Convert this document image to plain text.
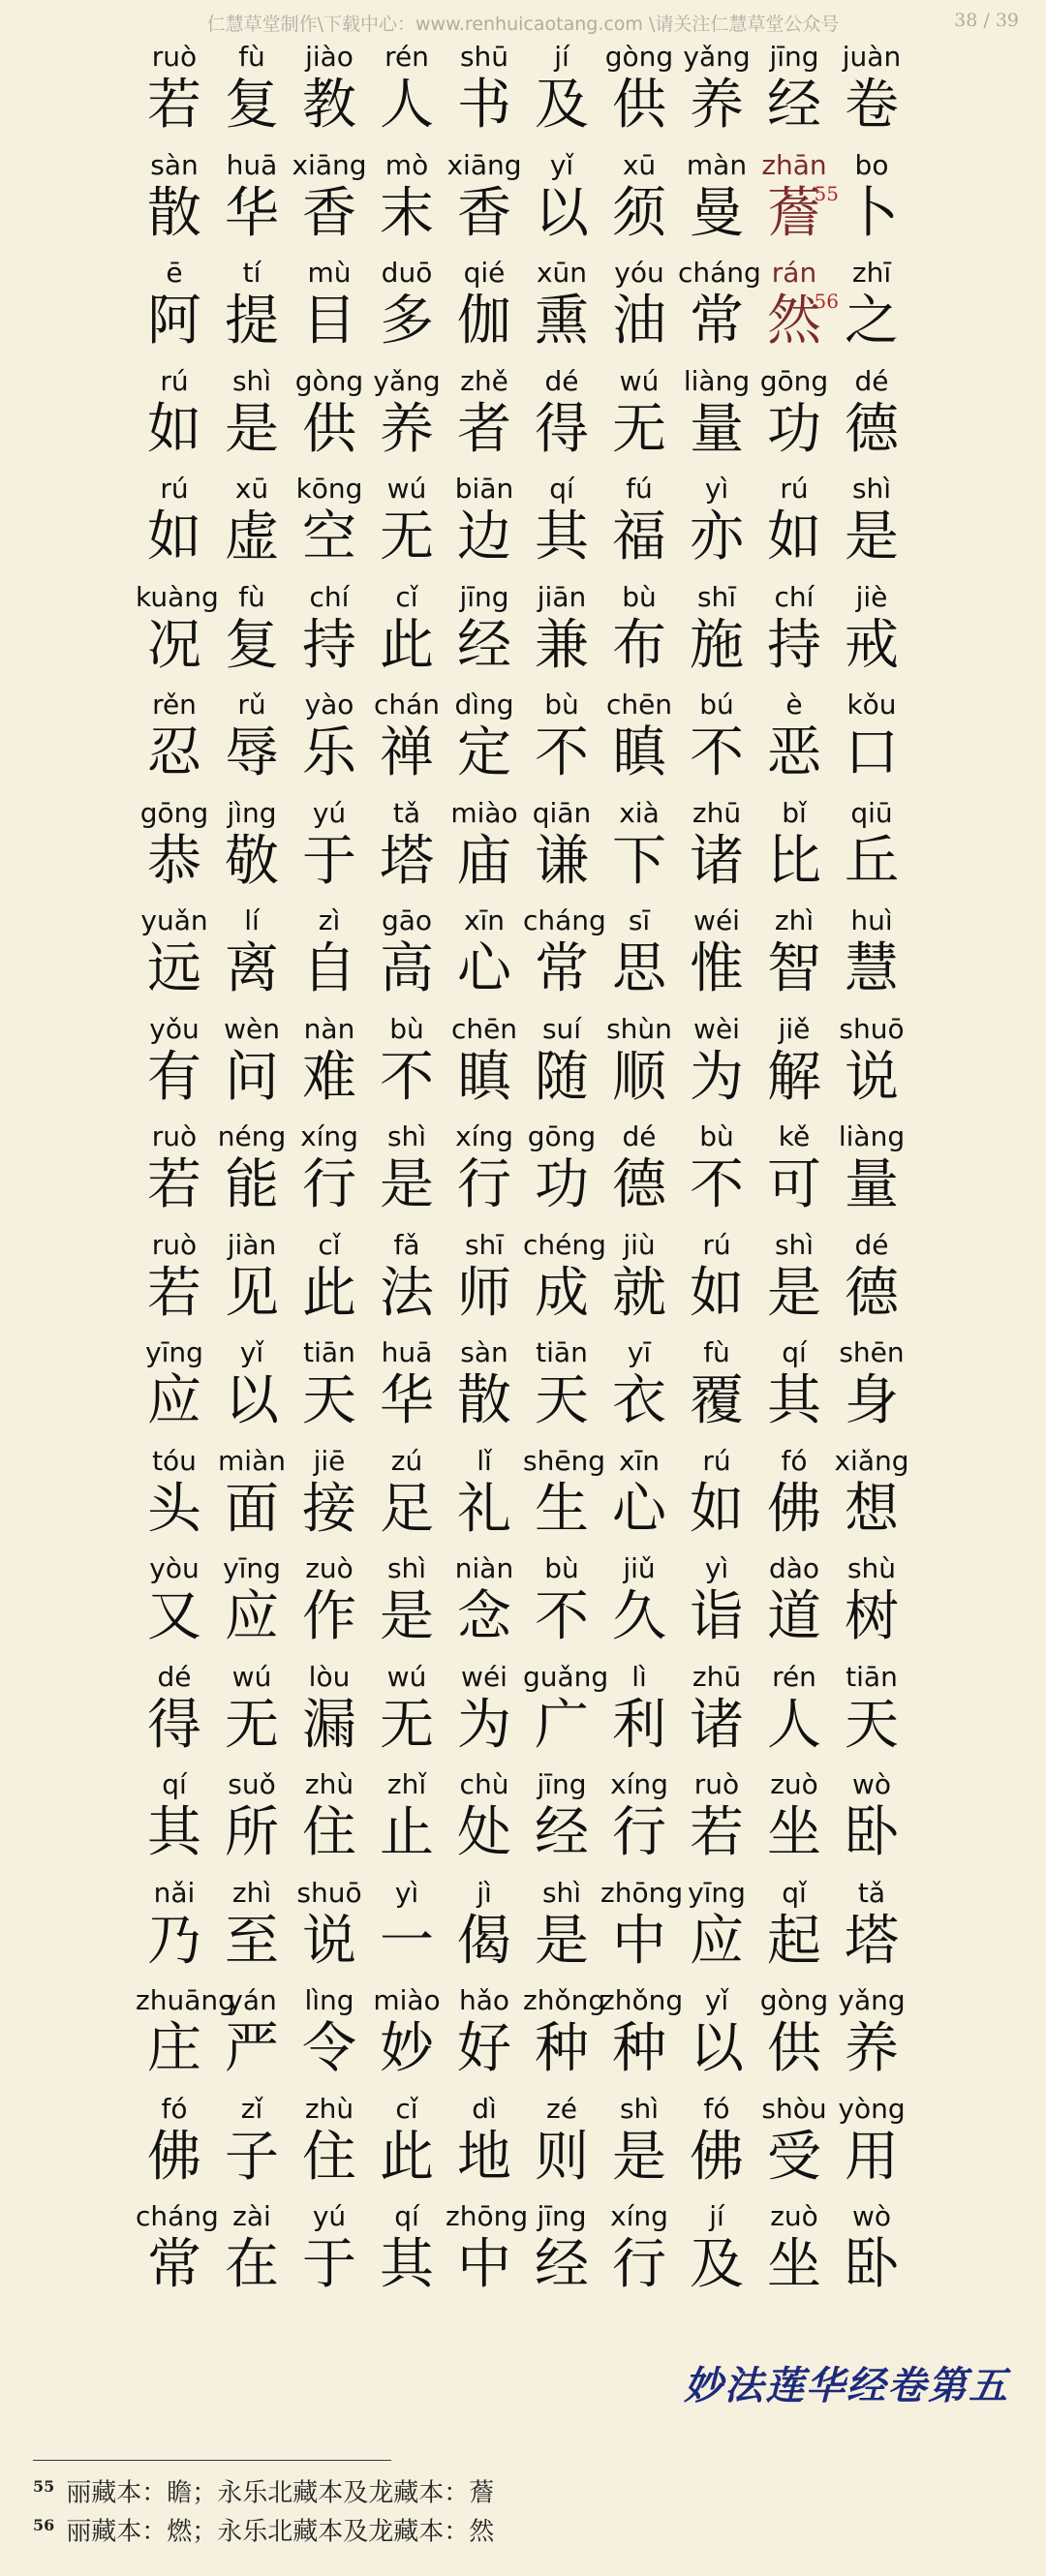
仁慧草堂制作\下载中心：www.renhuicaotang.com \请关注仁慧草堂公众号	38 / 39
ruò
若
fù
复
jiào
教
rén
人
shū
书
jí
及
gòng
供
yǎng
养
jīng
经
juàn
卷
sàn
散
huā
华
xiāng
香
mò
末
xiāng
香
yǐ
以
xū
须
màn
曼
zhān
薝
55
bo
卜
ē
阿
tí
提
mù
目
duō
多
qié
伽
xūn
熏
yóu
油
cháng
常
rán
然
56
zhī
之
rú
如
shì
是
gòng
供
yǎng
养
zhě
者
dé
得
wú
无
liàng
量
gōng
功
dé
德
rú
如
xū
虚
kōng
空
wú
无
biān
边
qí
其
fú
福
yì
亦
rú
如
shì
是
kuàng
况
fù
复
chí
持
cǐ
此
jīng
经
jiān
兼
bù
布
shī
施
chí
持
jiè
戒
rěn
忍
rǔ
辱
yào
乐
chán
禅
dìng
定
bù
不
chēn
瞋
bú
不
è
恶
kǒu
口
gōng
恭
jìng
敬
yú
于
tǎ
塔
miào
庙
qiān
谦
xià
下
zhū
诸
bǐ
比
qiū
丘
yuǎn
远
lí
离
zì
自
gāo
高
xīn
心
cháng
常
sī
思
wéi
惟
zhì
智
huì
慧
yǒu
有
wèn
问
nàn
难
bù
不
chēn
瞋
suí
随
shùn
顺
wèi
为
jiě
解
shuō
说
ruò
若
néng
能
xíng
行
shì
是
xíng
行
gōng
功
dé
德
bù
不
kě
可
liàng
量
ruò
若
jiàn
见
cǐ
此
fǎ
法
shī
师
chéng
成
jiù
就
rú
如
shì
是
dé
德
yīng
应
yǐ
以
tiān
天
huā
华
sàn
散
tiān
天
yī
衣
fù
覆
qí
其
shēn
身
tóu
头
miàn
面
jiē
接
zú
足
lǐ
礼
shēng
生
xīn
心
rú
如
fó
佛
xiǎng
想
yòu
又
yīng
应
zuò
作
shì
是
niàn
念
bù
不
jiǔ
久
yì
诣
dào
道
shù
树
dé
得
wú
无
lòu
漏
wú
无
wéi
为
guǎng
广
lì
利
zhū
诸
rén
人
tiān
天
qí
其
suǒ
所
zhù
住
zhǐ
止
chù
处
jīng
经
xíng
行
ruò
若
zuò
坐
wò
卧
nǎi
乃
zhì
至
shuō
说
yì
一
jì
偈
shì
是
zhōng
中
yīng
应
qǐ
起
tǎ
塔
zhuāng
庄
yán
严
lìng
令
miào
妙
hǎo
好
zhǒng
种
zhǒng
种
yǐ
以
gòng
供
yǎng
养
fó
佛
zǐ
子
zhù
住
cǐ
此
dì
地
zé
则
shì
是
fó
佛
shòu
受
yòng
用
cháng
常
zài
在
yú
于
qí
其
zhōng
中
jīng
经
xíng
行
jí
及
zuò
坐
wò
卧
妙法莲华经卷第五
$^{55}$ 丽藏本：瞻；永乐北藏本及龙藏本：薝
$^{56}$ 丽藏本：燃；永乐北藏本及龙藏本：然
